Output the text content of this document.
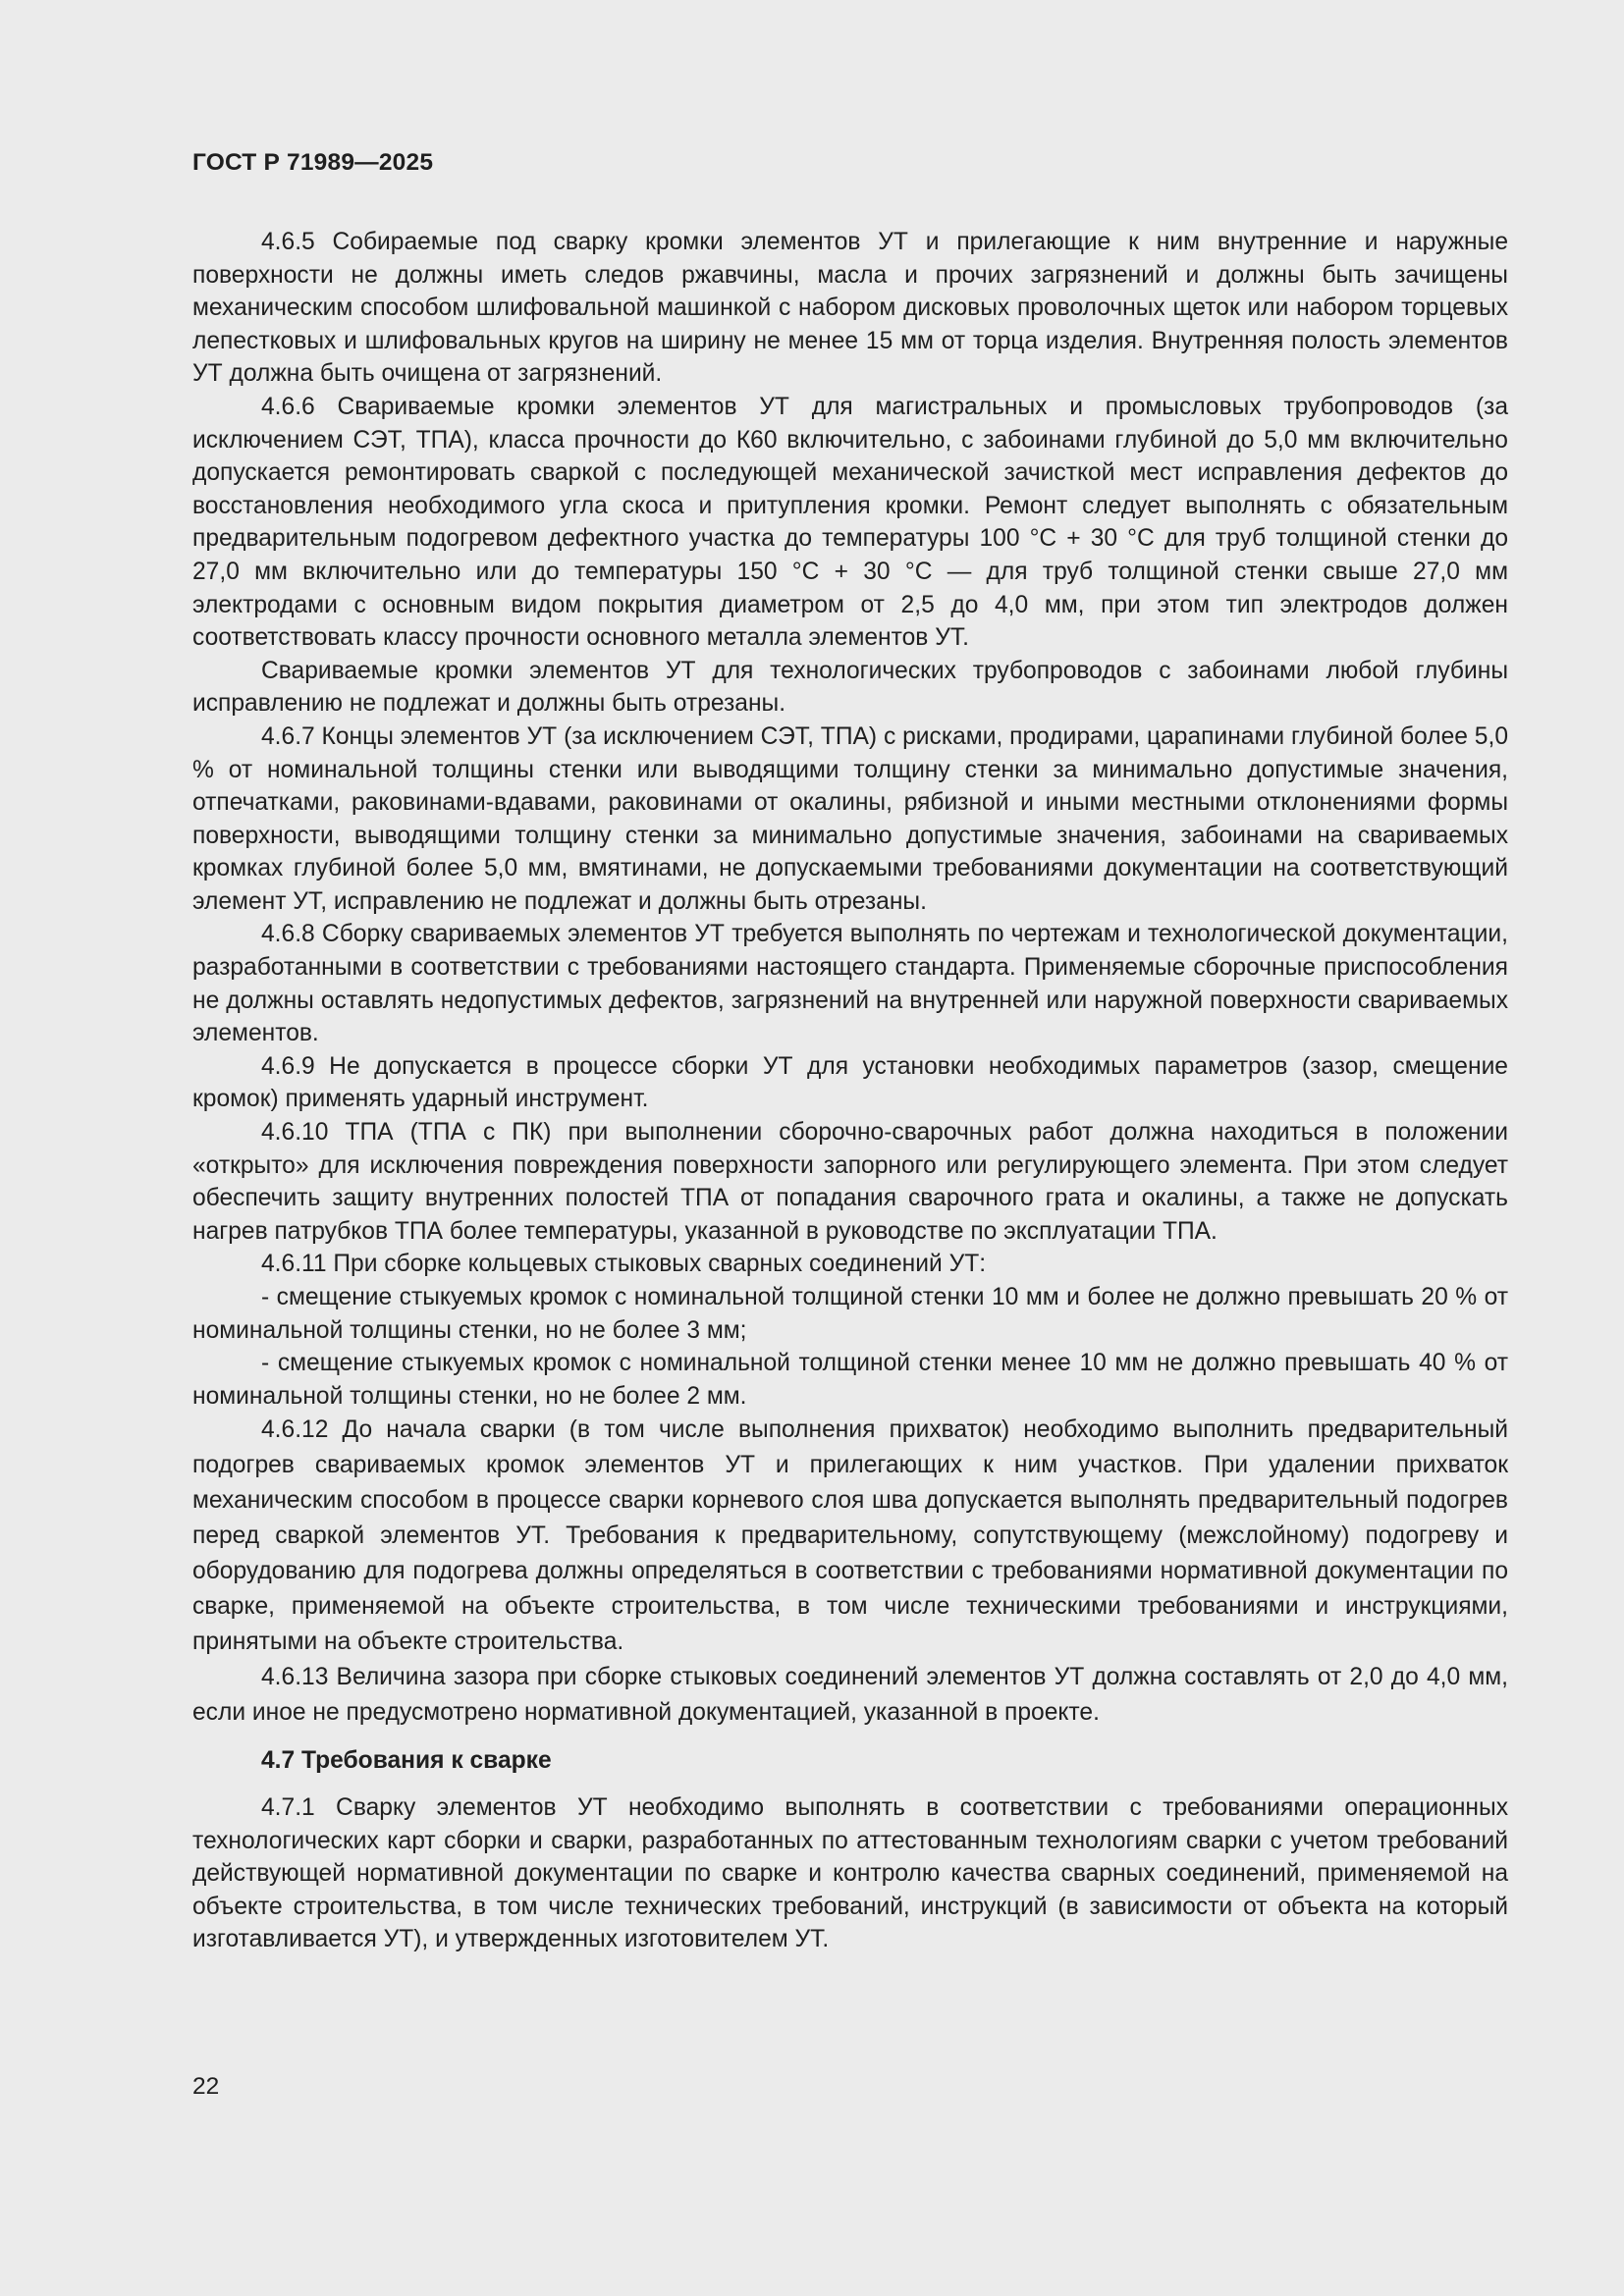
ГОСТ Р 71989—2025

4.6.5 Собираемые под сварку кромки элементов УТ и прилегающие к ним внутренние и наружные поверхности не должны иметь следов ржавчины, масла и прочих загрязнений и должны быть зачищены механическим способом шлифовальной машинкой с набором дисковых проволочных щеток или набором торцевых лепестковых и шлифовальных кругов на ширину не менее 15 мм от торца изделия. Внутренняя полость элементов УТ должна быть очищена от загрязнений.

4.6.6 Свариваемые кромки элементов УТ для магистральных и промысловых трубопроводов (за исключением СЭТ, ТПА), класса прочности до К60 включительно, с забоинами глубиной до 5,0 мм включительно допускается ремонтировать сваркой с последующей механической зачисткой мест исправления дефектов до восстановления необходимого угла скоса и притупления кромки. Ремонт следует выполнять с обязательным предварительным подогревом дефектного участка до температуры 100 °С + 30 °С для труб толщиной стенки до 27,0 мм включительно или до температуры 150 °С + 30 °С — для труб толщиной стенки свыше 27,0 мм электродами с основным видом покрытия диаметром от 2,5 до 4,0 мм, при этом тип электродов должен соответствовать классу прочности основного металла элементов УТ.

Свариваемые кромки элементов УТ для технологических трубопроводов с забоинами любой глубины исправлению не подлежат и должны быть отрезаны.

4.6.7 Концы элементов УТ (за исключением СЭТ, ТПА) с рисками, продирами, царапинами глубиной более 5,0 % от номинальной толщины стенки или выводящими толщину стенки за минимально допустимые значения, отпечатками, раковинами-вдавами, раковинами от окалины, рябизной и иными местными отклонениями формы поверхности, выводящими толщину стенки за минимально допустимые значения, забоинами на свариваемых кромках глубиной более 5,0 мм, вмятинами, не допускаемыми требованиями документации на соответствующий элемент УТ, исправлению не подлежат и должны быть отрезаны.

4.6.8 Сборку свариваемых элементов УТ требуется выполнять по чертежам и технологической документации, разработанными в соответствии с требованиями настоящего стандарта. Применяемые сборочные приспособления не должны оставлять недопустимых дефектов, загрязнений на внутренней или наружной поверхности свариваемых элементов.

4.6.9 Не допускается в процессе сборки УТ для установки необходимых параметров (зазор, смещение кромок) применять ударный инструмент.

4.6.10 ТПА (ТПА с ПК) при выполнении сборочно-сварочных работ должна находиться в положении «открыто» для исключения повреждения поверхности запорного или регулирующего элемента. При этом следует обеспечить защиту внутренних полостей ТПА от попадания сварочного грата и окалины, а также не допускать нагрев патрубков ТПА более температуры, указанной в руководстве по эксплуатации ТПА.

4.6.11 При сборке кольцевых стыковых сварных соединений УТ:

- смещение стыкуемых кромок с номинальной толщиной стенки 10 мм и более не должно превышать 20 % от номинальной толщины стенки, но не более 3 мм;

- смещение стыкуемых кромок с номинальной толщиной стенки менее 10 мм не должно превышать 40 % от номинальной толщины стенки, но не более 2 мм.

4.6.12 До начала сварки (в том числе выполнения прихваток) необходимо выполнить предварительный подогрев свариваемых кромок элементов УТ и прилегающих к ним участков. При удалении прихваток механическим способом в процессе сварки корневого слоя шва допускается выполнять предварительный подогрев перед сваркой элементов УТ. Требования к предварительному, сопутствующему (межслойному) подогреву и оборудованию для подогрева должны определяться в соответствии с требованиями нормативной документации по сварке, применяемой на объекте строительства, в том числе техническими требованиями и инструкциями, принятыми на объекте строительства.

4.6.13 Величина зазора при сборке стыковых соединений элементов УТ должна составлять от 2,0 до 4,0 мм, если иное не предусмотрено нормативной документацией, указанной в проекте.

4.7 Требования к сварке

4.7.1 Сварку элементов УТ необходимо выполнять в соответствии с требованиями операционных технологических карт сборки и сварки, разработанных по аттестованным технологиям сварки с учетом требований действующей нормативной документации по сварке и контролю качества сварных соединений, применяемой на объекте строительства, в том числе технических требований, инструкций (в зависимости от объекта на который изготавливается УТ), и утвержденных изготовителем УТ.

22
